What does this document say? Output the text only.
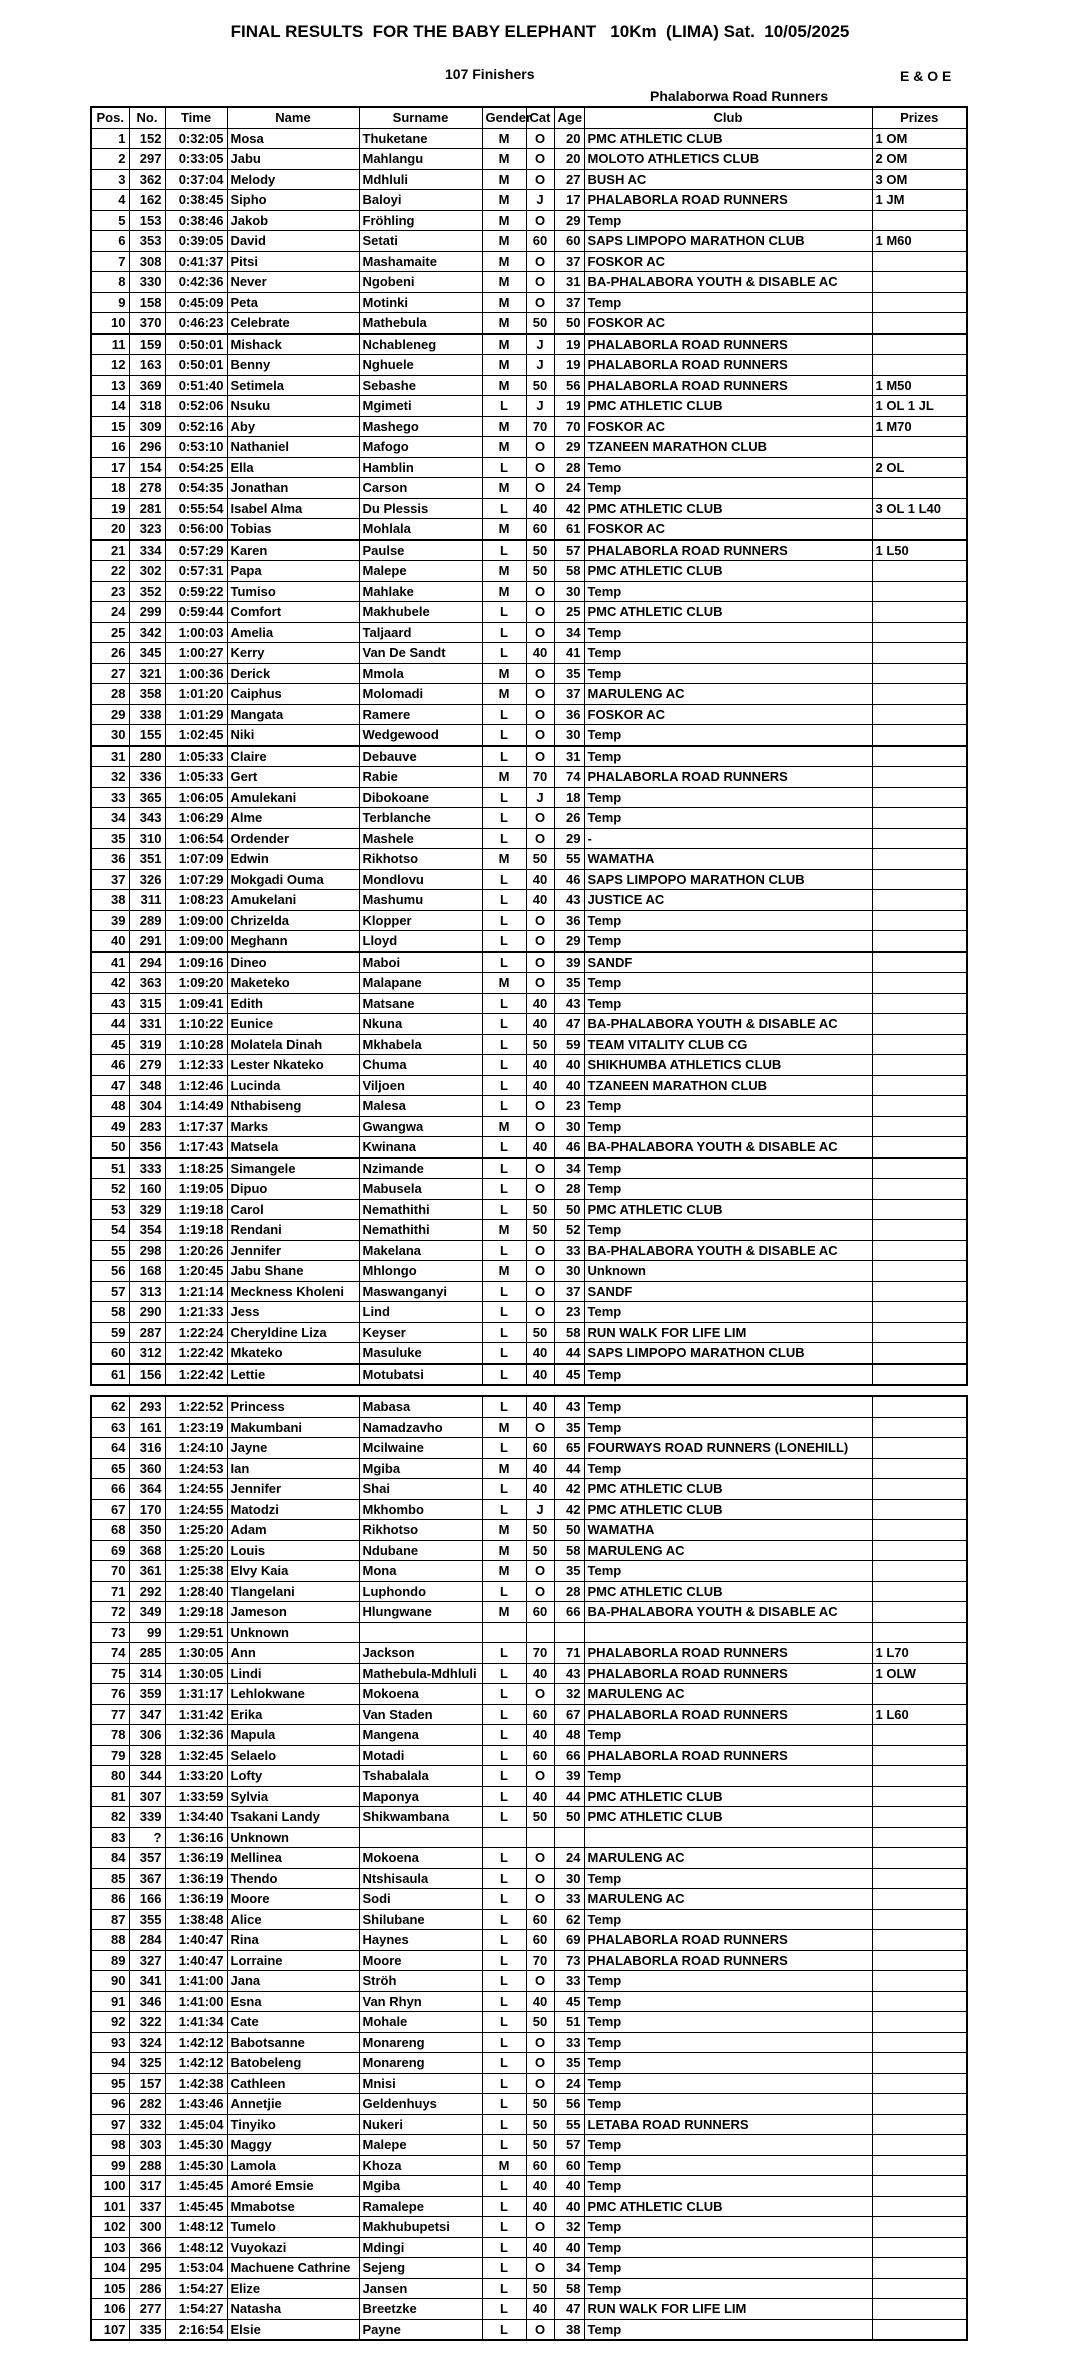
FINAL RESULTS  FOR THE BABY ELEPHANT   10Km  (LIMA) Sat.  10/05/2025
107 Finishers	E & O E
Phalaborwa Road Runners
Pos.	No.	Time	Name	Surname	Gender	Cat	Age	Club	Prizes
1	152	0:32:05	Mosa	Thuketane	M	O	20	PMC ATHLETIC CLUB	1 OM
2	297	0:33:05	Jabu	Mahlangu	M	O	20	MOLOTO ATHLETICS CLUB	2 OM
3	362	0:37:04	Melody	Mdhluli	M	O	27	BUSH AC	3 OM
4	162	0:38:45	Sipho	Baloyi	M	J	17	PHALABORLA ROAD RUNNERS	1 JM
5	153	0:38:46	Jakob	Fröhling	M	O	29	Temp	
6	353	0:39:05	David	Setati	M	60	60	SAPS LIMPOPO MARATHON CLUB	1 M60
7	308	0:41:37	Pitsi	Mashamaite	M	O	37	FOSKOR AC	
8	330	0:42:36	Never	Ngobeni	M	O	31	BA-PHALABORA YOUTH & DISABLE AC	
9	158	0:45:09	Peta	Motinki	M	O	37	Temp	
10	370	0:46:23	Celebrate	Mathebula	M	50	50	FOSKOR AC	
11	159	0:50:01	Mishack	Nchableneg	M	J	19	PHALABORLA ROAD RUNNERS	
12	163	0:50:01	Benny	Nghuele	M	J	19	PHALABORLA ROAD RUNNERS	
13	369	0:51:40	Setimela	Sebashe	M	50	56	PHALABORLA ROAD RUNNERS	1 M50
14	318	0:52:06	Nsuku	Mgimeti	L	J	19	PMC ATHLETIC CLUB	1 OL 1 JL
15	309	0:52:16	Aby	Mashego	M	70	70	FOSKOR AC	1 M70
16	296	0:53:10	Nathaniel	Mafogo	M	O	29	TZANEEN MARATHON CLUB	
17	154	0:54:25	Ella	Hamblin	L	O	28	Temo	2 OL
18	278	0:54:35	Jonathan	Carson	M	O	24	Temp	
19	281	0:55:54	Isabel Alma	Du Plessis	L	40	42	PMC ATHLETIC CLUB	3 OL 1 L40
20	323	0:56:00	Tobias	Mohlala	M	60	61	FOSKOR AC	
21	334	0:57:29	Karen	Paulse	L	50	57	PHALABORLA ROAD RUNNERS	1 L50
22	302	0:57:31	Papa	Malepe	M	50	58	PMC ATHLETIC CLUB	
23	352	0:59:22	Tumiso	Mahlake	M	O	30	Temp	
24	299	0:59:44	Comfort	Makhubele	L	O	25	PMC ATHLETIC CLUB	
25	342	1:00:03	Amelia	Taljaard	L	O	34	Temp	
26	345	1:00:27	Kerry	Van De Sandt	L	40	41	Temp	
27	321	1:00:36	Derick	Mmola	M	O	35	Temp	
28	358	1:01:20	Caiphus	Molomadi	M	O	37	MARULENG AC	
29	338	1:01:29	Mangata	Ramere	L	O	36	FOSKOR AC	
30	155	1:02:45	Niki	Wedgewood	L	O	30	Temp	
31	280	1:05:33	Claire	Debauve	L	O	31	Temp	
32	336	1:05:33	Gert	Rabie	M	70	74	PHALABORLA ROAD RUNNERS	
33	365	1:06:05	Amulekani	Dibokoane	L	J	18	Temp	
34	343	1:06:29	Alme	Terblanche	L	O	26	Temp	
35	310	1:06:54	Ordender	Mashele	L	O	29	-	
36	351	1:07:09	Edwin	Rikhotso	M	50	55	WAMATHA	
37	326	1:07:29	Mokgadi Ouma	Mondlovu	L	40	46	SAPS LIMPOPO MARATHON CLUB	
38	311	1:08:23	Amukelani	Mashumu	L	40	43	JUSTICE AC	
39	289	1:09:00	Chrizelda	Klopper	L	O	36	Temp	
40	291	1:09:00	Meghann	Lloyd	L	O	29	Temp	
41	294	1:09:16	Dineo	Maboi	L	O	39	SANDF	
42	363	1:09:20	Maketeko	Malapane	M	O	35	Temp	
43	315	1:09:41	Edith	Matsane	L	40	43	Temp	
44	331	1:10:22	Eunice	Nkuna	L	40	47	BA-PHALABORA YOUTH & DISABLE AC	
45	319	1:10:28	Molatela Dinah	Mkhabela	L	50	59	TEAM VITALITY CLUB CG	
46	279	1:12:33	Lester Nkateko	Chuma	L	40	40	SHIKHUMBA ATHLETICS CLUB	
47	348	1:12:46	Lucinda	Viljoen	L	40	40	TZANEEN MARATHON CLUB	
48	304	1:14:49	Nthabiseng	Malesa	L	O	23	Temp	
49	283	1:17:37	Marks	Gwangwa	M	O	30	Temp	
50	356	1:17:43	Matsela	Kwinana	L	40	46	BA-PHALABORA YOUTH & DISABLE AC	
51	333	1:18:25	Simangele	Nzimande	L	O	34	Temp	
52	160	1:19:05	Dipuo	Mabusela	L	O	28	Temp	
53	329	1:19:18	Carol	Nemathithi	L	50	50	PMC ATHLETIC CLUB	
54	354	1:19:18	Rendani	Nemathithi	M	50	52	Temp	
55	298	1:20:26	Jennifer	Makelana	L	O	33	BA-PHALABORA YOUTH & DISABLE AC	
56	168	1:20:45	Jabu Shane	Mhlongo	M	O	30	Unknown	
57	313	1:21:14	Meckness Kholeni	Maswanganyi	L	O	37	SANDF	
58	290	1:21:33	Jess	Lind	L	O	23	Temp	
59	287	1:22:24	Cheryldine Liza	Keyser	L	50	58	RUN WALK FOR LIFE LIM	
60	312	1:22:42	Mkateko	Masuluke	L	40	44	SAPS LIMPOPO MARATHON CLUB	
61	156	1:22:42	Lettie	Motubatsi	L	40	45	Temp	
62	293	1:22:52	Princess	Mabasa	L	40	43	Temp	
63	161	1:23:19	Makumbani	Namadzavho	M	O	35	Temp	
64	316	1:24:10	Jayne	Mcilwaine	L	60	65	FOURWAYS ROAD RUNNERS (LONEHILL)	
65	360	1:24:53	Ian	Mgiba	M	40	44	Temp	
66	364	1:24:55	Jennifer	Shai	L	40	42	PMC ATHLETIC CLUB	
67	170	1:24:55	Matodzi	Mkhombo	L	J	42	PMC ATHLETIC CLUB	
68	350	1:25:20	Adam	Rikhotso	M	50	50	WAMATHA	
69	368	1:25:20	Louis	Ndubane	M	50	58	MARULENG AC	
70	361	1:25:38	Elvy Kaia	Mona	M	O	35	Temp	
71	292	1:28:40	Tlangelani	Luphondo	L	O	28	PMC ATHLETIC CLUB	
72	349	1:29:18	Jameson	Hlungwane	M	60	66	BA-PHALABORA YOUTH & DISABLE AC	
73	99	1:29:51	Unknown						
74	285	1:30:05	Ann	Jackson	L	70	71	PHALABORLA ROAD RUNNERS	1 L70
75	314	1:30:05	Lindi	Mathebula-Mdhluli	L	40	43	PHALABORLA ROAD RUNNERS	1 OLW
76	359	1:31:17	Lehlokwane	Mokoena	L	O	32	MARULENG AC	
77	347	1:31:42	Erika	Van Staden	L	60	67	PHALABORLA ROAD RUNNERS	1 L60
78	306	1:32:36	Mapula	Mangena	L	40	48	Temp	
79	328	1:32:45	Selaelo	Motadi	L	60	66	PHALABORLA ROAD RUNNERS	
80	344	1:33:20	Lofty	Tshabalala	L	O	39	Temp	
81	307	1:33:59	Sylvia	Maponya	L	40	44	PMC ATHLETIC CLUB	
82	339	1:34:40	Tsakani Landy	Shikwambana	L	50	50	PMC ATHLETIC CLUB	
83	?	1:36:16	Unknown						
84	357	1:36:19	Mellinea	Mokoena	L	O	24	MARULENG AC	
85	367	1:36:19	Thendo	Ntshisaula	L	O	30	Temp	
86	166	1:36:19	Moore	Sodi	L	O	33	MARULENG AC	
87	355	1:38:48	Alice	Shilubane	L	60	62	Temp	
88	284	1:40:47	Rina	Haynes	L	60	69	PHALABORLA ROAD RUNNERS	
89	327	1:40:47	Lorraine	Moore	L	70	73	PHALABORLA ROAD RUNNERS	
90	341	1:41:00	Jana	Ströh	L	O	33	Temp	
91	346	1:41:00	Esna	Van Rhyn	L	40	45	Temp	
92	322	1:41:34	Cate	Mohale	L	50	51	Temp	
93	324	1:42:12	Babotsanne	Monareng	L	O	33	Temp	
94	325	1:42:12	Batobeleng	Monareng	L	O	35	Temp	
95	157	1:42:38	Cathleen	Mnisi	L	O	24	Temp	
96	282	1:43:46	Annetjie	Geldenhuys	L	50	56	Temp	
97	332	1:45:04	Tinyiko	Nukeri	L	50	55	LETABA ROAD RUNNERS	
98	303	1:45:30	Maggy	Malepe	L	50	57	Temp	
99	288	1:45:30	Lamola	Khoza	M	60	60	Temp	
100	317	1:45:45	Amoré Emsie	Mgiba	L	40	40	Temp	
101	337	1:45:45	Mmabotse	Ramalepe	L	40	40	PMC ATHLETIC CLUB	
102	300	1:48:12	Tumelo	Makhubupetsi	L	O	32	Temp	
103	366	1:48:12	Vuyokazi	Mdingi	L	40	40	Temp	
104	295	1:53:04	Machuene Cathrine	Sejeng	L	O	34	Temp	
105	286	1:54:27	Elize	Jansen	L	50	58	Temp	
106	277	1:54:27	Natasha	Breetzke	L	40	47	RUN WALK FOR LIFE LIM	
107	335	2:16:54	Elsie	Payne	L	O	38	Temp	
